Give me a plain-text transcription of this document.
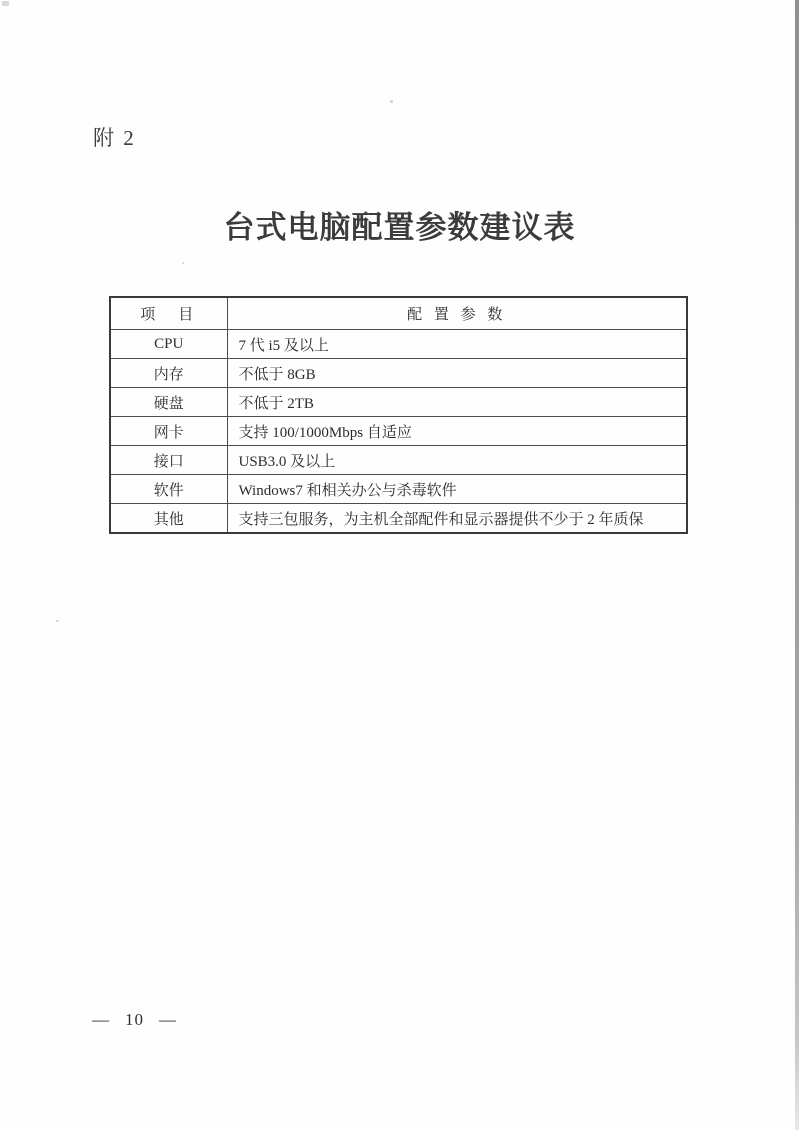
附 2
台式电脑配置参数建议表
项　目	配 置 参 数
CPU	7 代 i5 及以上
内存	不低于 8GB
硬盘	不低于 2TB
网卡	支持 100/1000Mbps 自适应
接口	USB3.0 及以上
软件	Windows7 和相关办公与杀毒软件
其他	支持三包服务，为主机全部配件和显示器提供不少于 2 年质保
— 10 —
